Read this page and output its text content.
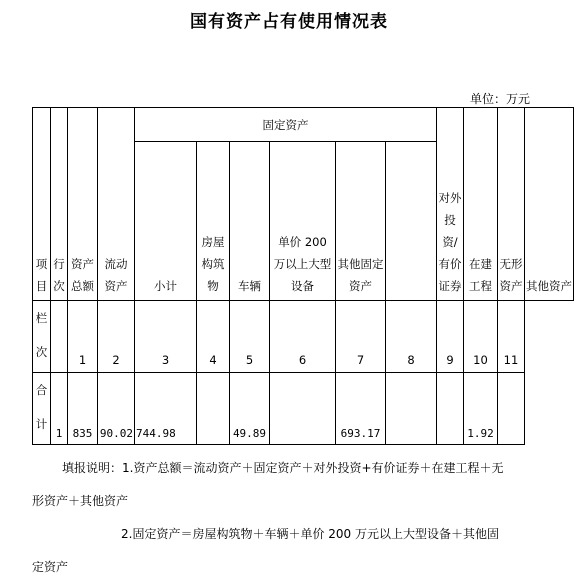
国有资产占有使用情况表
单位：万元
项目	行次	资产总额	流动资产	固定资产						对外投资/有价证券	在建工程	无形资产	其他资产
				小计	房屋构筑物	车辆	单价 200 万以上大型设备	其他固定资产					
栏次		1	2	3	4	5	6	7	8	9	10	11	
合计	1	835	90.02	744.98		49.89		693.17			1.92		

填报说明：1.资产总额＝流动资产＋固定资产＋对外投资+有价证券＋在建工程＋无

形资产＋其他资产

2.固定资产＝房屋构筑物＋车辆＋单价 200 万元以上大型设备＋其他固

定资产
